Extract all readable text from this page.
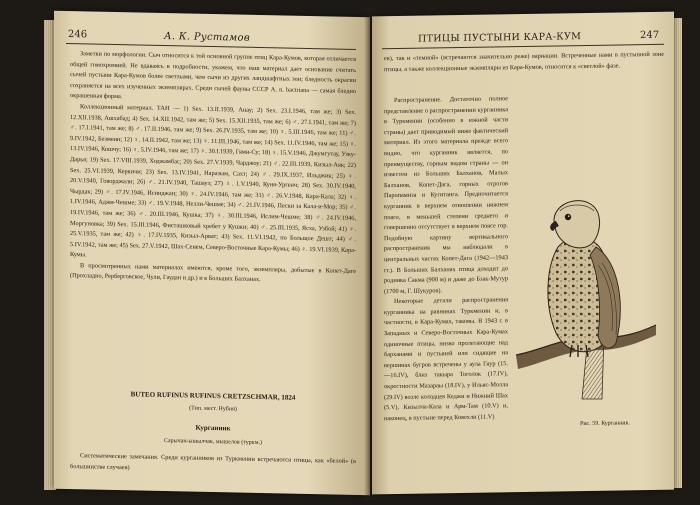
246	А. К. Рустамов

Заметки по морфологии. Сыч относится к той основной группе птиц Кара-Кумов, которая отличается общей гомохромией. Не вдаваясь в подробности, укажем, что наш материал дает основание считать сычей пустыни Кара-Кумов более светлыми, чем сычи из других ландшафтных зон; бледность окраски сохраняется на всех изученных экземплярах. Среди сычей фауны СССР A. n. bactriana — самая бледно окрашенная форма.

Коллекционный материал. ТАН — 1) Sex. 13.II.1939, Анау; 2) Sex. 23.I.1946, там же; 3) Sex. 12.XII.1938, Ашхабад; 4) Sex. 14.XII.1942, там же; 5) Sex. 15.XII.1935, там же; 6) ♂. 27.I.1941, там же; 7) ♂. 17.I.1941, там же; 8) ♂. 17.II.1946, там же; 9) Sex. 26.IV.1935, там же; 10) ♀. 5.III.1946, там же; 11) ♂. 9.IV.1942, Безмеин; 12) ♀. 14.II.1942, там же; 13) ♀. 11.III.1946, там же; 14) Sex. 11.IV.1946, там же; 15) ♀. 13.IV.1946, Кошчу; 16) ♀. 5.IV.1946, там же; 17) ♀. 30.I.1939, Гями-Су; 18) ♀. 15.V.1946, Джумгутау, Узку-Дарья; 19) Sex. 17.VIII.1939, Ходжамбас; 20) Sex. 27.V.1939, Чарджоу; 21) ♂. 22.III.1939, Кизыл-Аяк; 22) Sex. 25.VI.1939, Керкичи; 23) Sex. 13.IV.1941, Наразым, Сахт; 24) ♂. 29.IX.1937, Ильджик; 25) ♀. 20.V.1940, Говорджали; 26) ♂. 21.IV.1940, Ташауз; 27) ♀. 1.V.1940, Куня-Ургенч; 28) Sex. 30.IV.1940, Чырдак; 29) ♂. 17.IV.1946, Исинджан; 30) ♀. 24.IV.1946, там же; 31) ♂. 26.V.1948, Кара-Кала; 32) ♀. 1.IV.1946, Аджи-Чешме; 33) ♂. 19.V.1948, Нелли-Чешме; 34) ♂. 21.IV.1946, Пески за Кала-и-Мор; 35) ♂. 19.IV.1946, там же; 36) ♂. 20.III.1946, Кушка; 37) ♀. 30.III.1946, Ислим-Чешме; 38) ♂. 24.IV.1946, Моргуновка; 39) Sex. 15.III.1946, Фисташковый хребет у Кушки; 40) ♂. 25.III.1935, Ясха, Узбой; 41) ♀. 25.V.1935, там же; 42) ♀. 17.IV.1935, Кизыл-Арват; 43) Sex. 11.VI.1942, по Больщое Дешт; 44) ♂. 5.IV.1942, там же; 45) Sex. 27.V.1942, Шах-Сенем, Северо-Восточные Кара-Кумы; 46) ♀. 19.VI.1939, Кара-Кумы.

В просмотренных нами материалах имеются, кроме того, экземпляры, добытые в Копет-Даге (Прохладно, Рерберговское, Чули, Гаудан и др.) и в Больших Балханах.

BUTEO RUFINUS RUFINUS CRETZSCHMAR, 1824
(Тип. мест. Нубия)
Курганник
Сарычан-ышылчак, мышелов (туркм.)

Систематические замечания. Среди курганников из Туркмении встречаются птицы, как «белой» (в большинстве случаев)

ПТИЦЫ ПУСТЫНИ КАРА-КУМ	247

ев), так и «темной» (встречаются значительно реже) вариации. Встреченные нами в пустынной зоне птицы, а также коллекционные экземпляры из Кара-Кумов, относятся к «светлой» фазе.

Распространение. Достаточно полное представление о распространении курганника в Туркмении (особенно в южной части страны) дает приводимый ниже фактический материал. Из этого материала прежде всего видно, что курганник является, по преимуществу, горным видом страны — он известен из Больших Балханов, Малых Балханов, Копет-Дага, горных отрогов Паропамиза и Кугитанга. Предпочитается курганник в верхнем отношении нижнем поясе, в меньшей степени среднего и совершенно отсутствует в верхнем поясе гор. Подобную картину вертикального распространения мы наблюдали в центральных частях Копет-Дага (1942—1943 гг.). В Больших Балханах птица доходит до родника Сакма (900 м) и даже до Бзак-Мутур (1700 м, Г. Шукуров).

Некоторые детали распространения курганника на равнинах Туркмении и, в частности, в Кара-Кумах, таковы. В 1943 г. в Западных и Северо-Восточных Кара-Кумах одиночные птицы, низко пролетающие над барханами и пустыней или сидящие на вершинах бугров встречены у аула Гяур (15.—16.IV), близ такыра Тоголок (17.IV), окрестности Мазараы (18.IV), у Ильяс-Молла (29.IV) возле колодцев Кеджи и Нижний Шах (5.V), Кизылча-Кала и Арм-Там (10.V) и, наконец, в пустыне перед Ковехли (11.V)

Рис. 59. Курганник.
